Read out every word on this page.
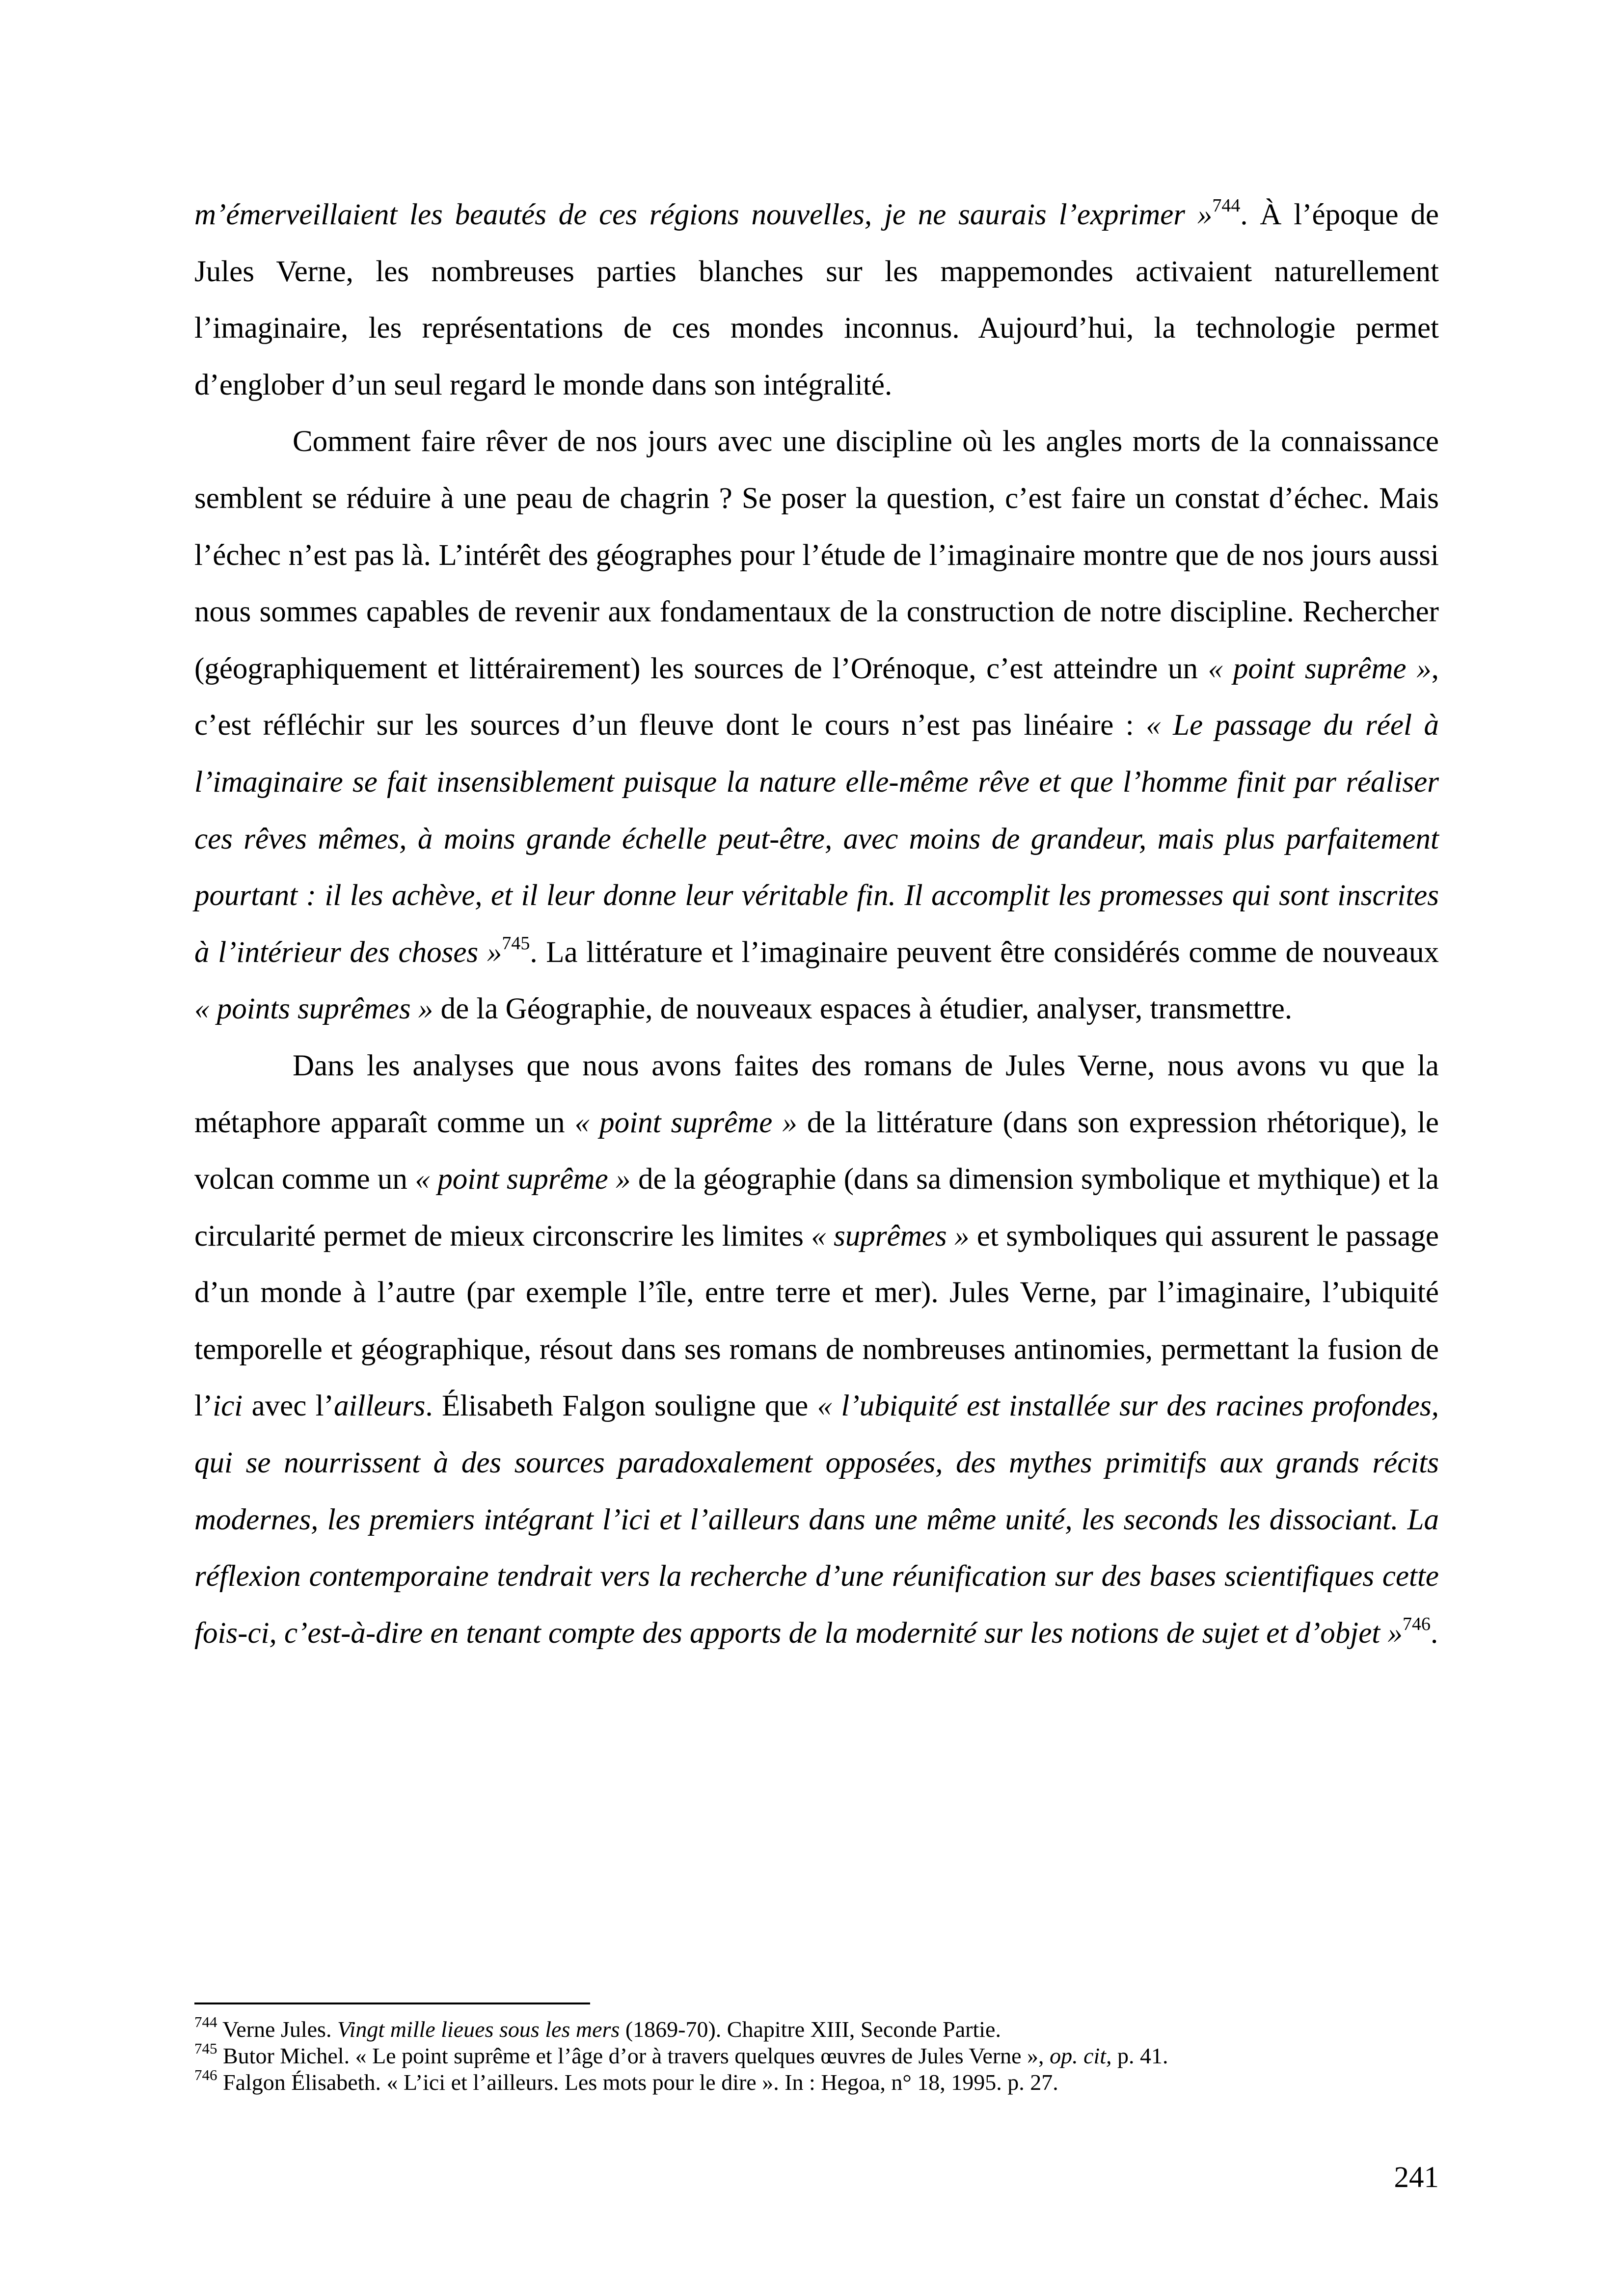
m’émerveillaient les beautés de ces régions nouvelles, je ne saurais l’exprimer »$^{744}$. À l’époque de Jules Verne, les nombreuses parties blanches sur les mappemondes activaient naturellement l’imaginaire, les représentations de ces mondes inconnus. Aujourd’hui, la technologie permet d’englober d’un seul regard le monde dans son intégralité.

Comment faire rêver de nos jours avec une discipline où les angles morts de la connaissance semblent se réduire à une peau de chagrin ? Se poser la question, c’est faire un constat d’échec. Mais l’échec n’est pas là. L’intérêt des géographes pour l’étude de l’imaginaire montre que de nos jours aussi nous sommes capables de revenir aux fondamentaux de la construction de notre discipline. Rechercher (géographiquement et littérairement) les sources de l’Orénoque, c’est atteindre un « point suprême », c’est réfléchir sur les sources d’un fleuve dont le cours n’est pas linéaire : « Le passage du réel à l’imaginaire se fait insensiblement puisque la nature elle-même rêve et que l’homme finit par réaliser ces rêves mêmes, à moins grande échelle peut-être, avec moins de grandeur, mais plus parfaitement pourtant : il les achève, et il leur donne leur véritable fin. Il accomplit les promesses qui sont inscrites à l’intérieur des choses »$^{745}$. La littérature et l’imaginaire peuvent être considérés comme de nouveaux « points suprêmes » de la Géographie, de nouveaux espaces à étudier, analyser, transmettre.

Dans les analyses que nous avons faites des romans de Jules Verne, nous avons vu que la métaphore apparaît comme un « point suprême » de la littérature (dans son expression rhétorique), le volcan comme un « point suprême » de la géographie (dans sa dimension symbolique et mythique) et la circularité permet de mieux circonscrire les limites « suprêmes » et symboliques qui assurent le passage d’un monde à l’autre (par exemple l’île, entre terre et mer). Jules Verne, par l’imaginaire, l’ubiquité temporelle et géographique, résout dans ses romans de nombreuses antinomies, permettant la fusion de l’ici avec l’ailleurs. Élisabeth Falgon souligne que « l’ubiquité est installée sur des racines profondes, qui se nourrissent à des sources paradoxalement opposées, des mythes primitifs aux grands récits modernes, les premiers intégrant l’ici et l’ailleurs dans une même unité, les seconds les dissociant. La réflexion contemporaine tendrait vers la recherche d’une réunification sur des bases scientifiques cette fois-ci, c’est-à-dire en tenant compte des apports de la modernité sur les notions de sujet et d’objet »$^{746}$.

$^{744}$ Verne Jules. Vingt mille lieues sous les mers (1869-70). Chapitre XIII, Seconde Partie.

$^{745}$ Butor Michel. « Le point suprême et l’âge d’or à travers quelques œuvres de Jules Verne », op. cit, p. 41.

$^{746}$ Falgon Élisabeth. « L’ici et l’ailleurs. Les mots pour le dire ». In : Hegoa, n° 18, 1995. p. 27.

241
